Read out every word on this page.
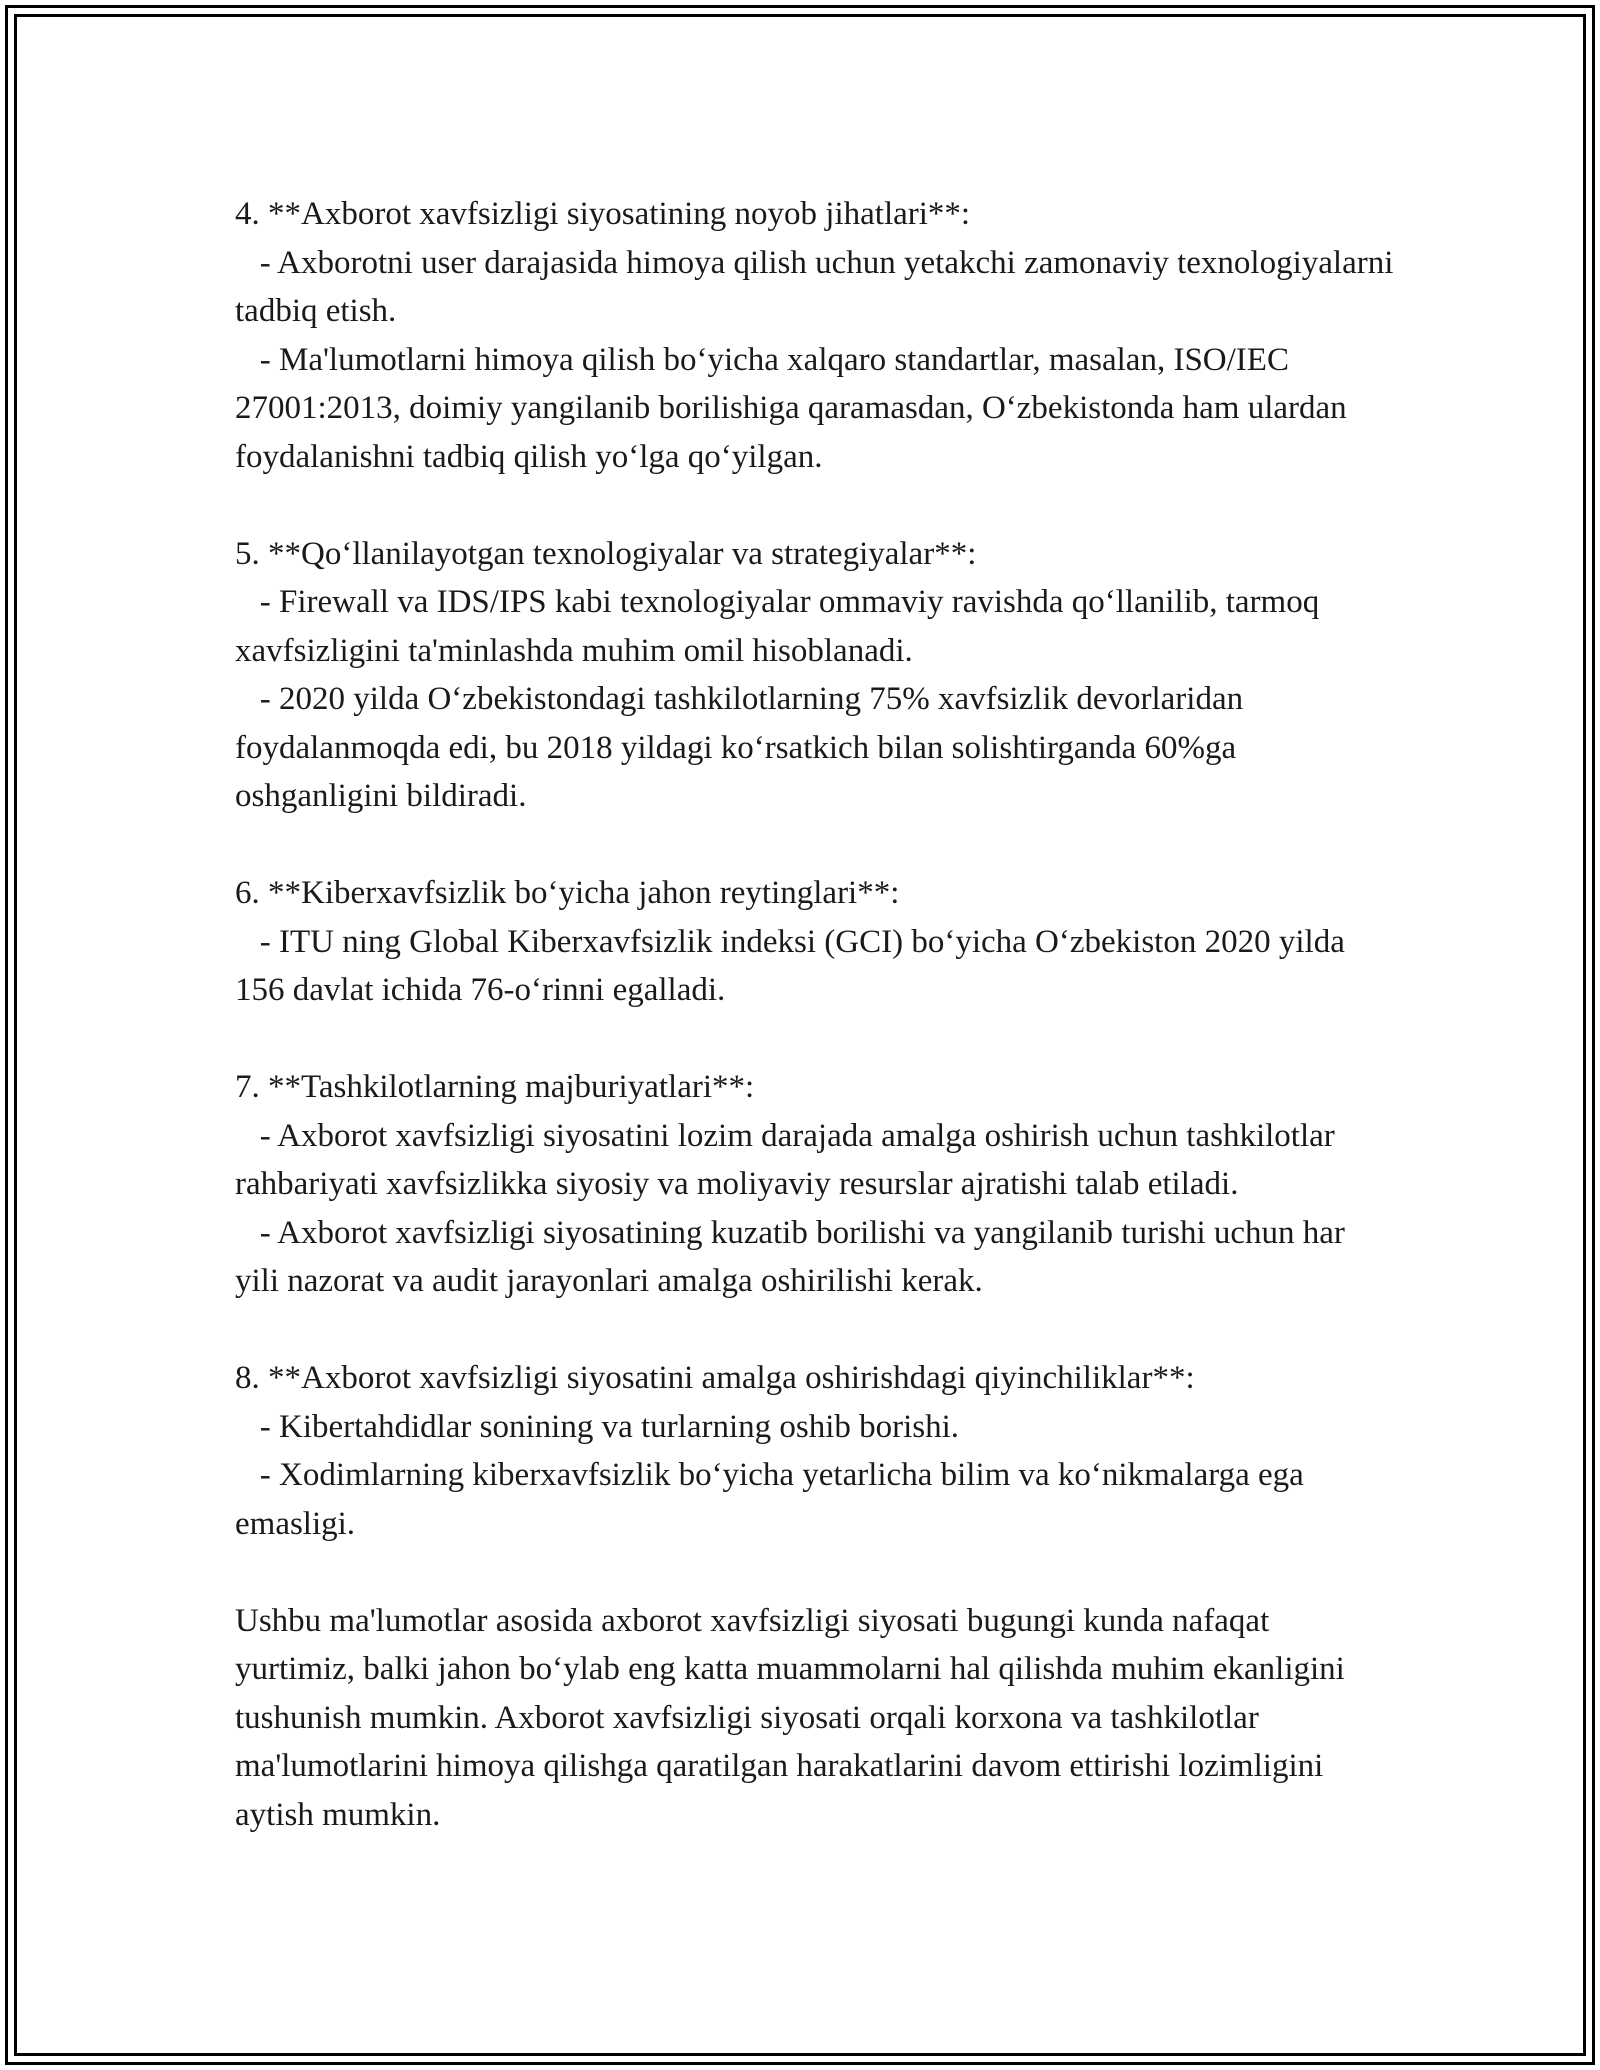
4. **Axborot xavfsizligi siyosatining noyob jihatlari**:

- Axborotni user darajasida himoya qilish uchun yetakchi zamonaviy texnologiyalarni tadbiq etish.

- Ma'lumotlarni himoya qilish bo‘yicha xalqaro standartlar, masalan, ISO/IEC 27001:2013, doimiy yangilanib borilishiga qaramasdan, O‘zbekistonda ham ulardan foydalanishni tadbiq qilish yo‘lga qo‘yilgan.

5. **Qo‘llanilayotgan texnologiyalar va strategiyalar**:

- Firewall va IDS/IPS kabi texnologiyalar ommaviy ravishda qo‘llanilib, tarmoq xavfsizligini ta'minlashda muhim omil hisoblanadi.

- 2020 yilda O‘zbekistondagi tashkilotlarning 75% xavfsizlik devorlaridan foydalanmoqda edi, bu 2018 yildagi ko‘rsatkich bilan solishtirganda 60%ga oshganligini bildiradi.

6. **Kiberxavfsizlik bo‘yicha jahon reytinglari**:

- ITU ning Global Kiberxavfsizlik indeksi (GCI) bo‘yicha O‘zbekiston 2020 yilda 156 davlat ichida 76-o‘rinni egalladi.

7. **Tashkilotlarning majburiyatlari**:

- Axborot xavfsizligi siyosatini lozim darajada amalga oshirish uchun tashkilotlar rahbariyati xavfsizlikka siyosiy va moliyaviy resurslar ajratishi talab etiladi.

- Axborot xavfsizligi siyosatining kuzatib borilishi va yangilanib turishi uchun har yili nazorat va audit jarayonlari amalga oshirilishi kerak.

8. **Axborot xavfsizligi siyosatini amalga oshirishdagi qiyinchiliklar**:

- Kibertahdidlar sonining va turlarning oshib borishi.

- Xodimlarning kiberxavfsizlik bo‘yicha yetarlicha bilim va ko‘nikmalarga ega emasligi.

Ushbu ma'lumotlar asosida axborot xavfsizligi siyosati bugungi kunda nafaqat yurtimiz, balki jahon bo‘ylab eng katta muammolarni hal qilishda muhim ekanligini tushunish mumkin. Axborot xavfsizligi siyosati orqali korxona va tashkilotlar ma'lumotlarini himoya qilishga qaratilgan harakatlarini davom ettirishi lozimligini aytish mumkin.
